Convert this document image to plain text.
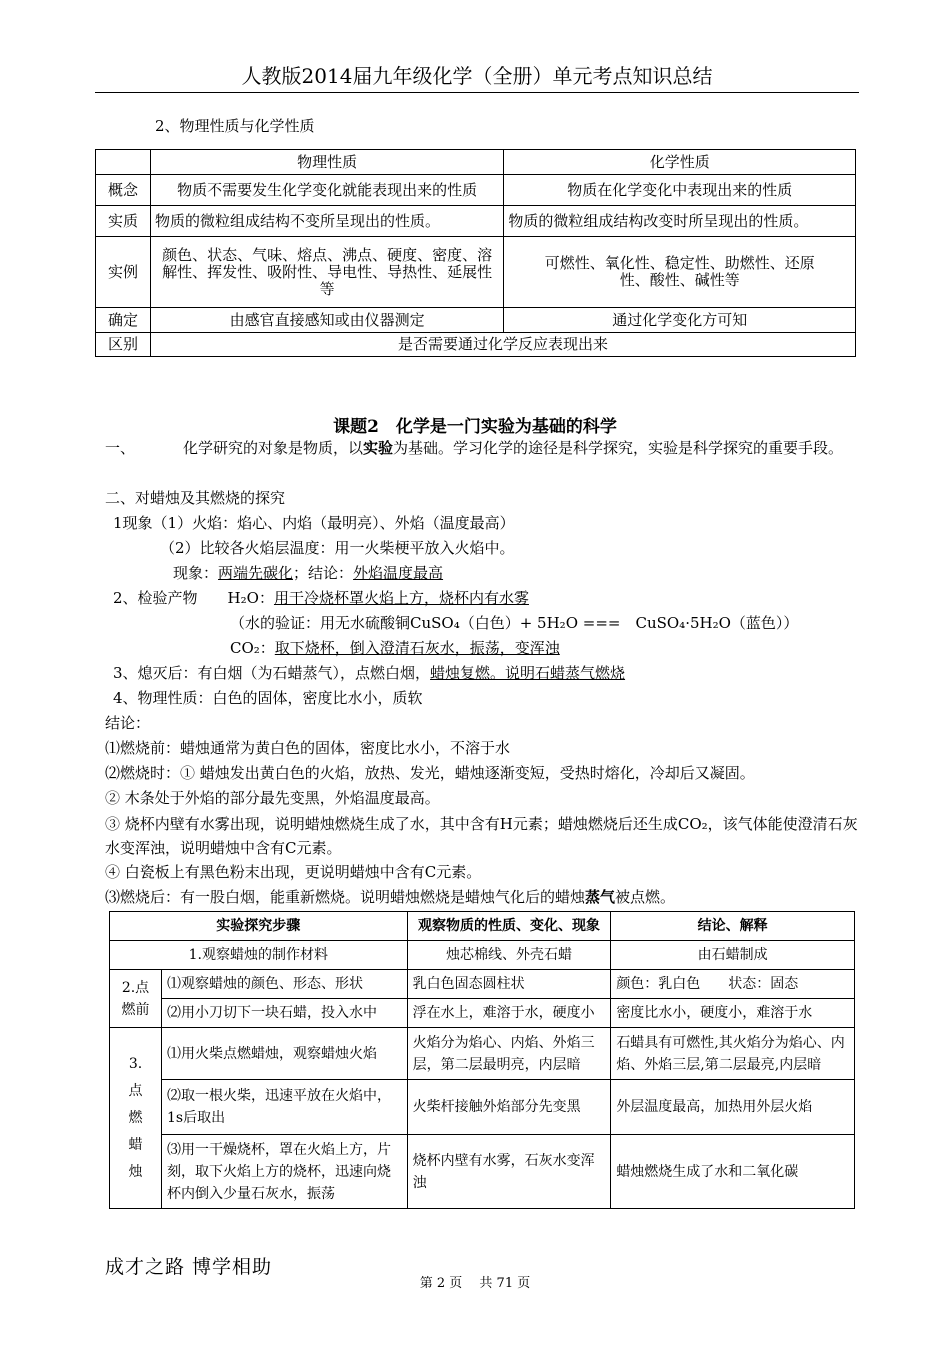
人教版2014届九年级化学（全册）单元考点知识总结
2、物理性质与化学性质
	物理性质	化学性质
概念	物质不需要发生化学变化就能表现出来的性质	物质在化学变化中表现出来的性质
实质	物质的微粒组成结构不变所呈现出的性质。	物质的微粒组成结构改变时所呈现出的性质。
实例	颜色、状态、气味、熔点、沸点、硬度、密度、溶解性、挥发性、吸附性、导电性、导热性、延展性等	可燃性、氧化性、稳定性、助燃性、还原性、酸性、碱性等
确定	由感官直接感知或由仪器测定	通过化学变化方可知
区别	是否需要通过化学反应表现出来	
课题2　化学是一门实验为基础的科学
一、	化学研究的对象是物质，以实验为基础。学习化学的途径是科学探究，实验是科学探究的重要手段。
二、对蜡烛及其燃烧的探究
1现象（1）火焰：焰心、内焰（最明亮）、外焰（温度最高）
（2）比较各火焰层温度：用一火柴梗平放入火焰中。
现象：两端先碳化；结论：外焰温度最高
2、检验产物 H₂O：用干冷烧杯罩火焰上方，烧杯内有水雾
（水的验证：用无水硫酸铜CuSO₄（白色）+ 5H₂O ===　CuSO₄·5H₂O（蓝色））
CO₂：取下烧杯，倒入澄清石灰水，振荡，变浑浊
3、熄灭后：有白烟（为石蜡蒸气），点燃白烟，蜡烛复燃。说明石蜡蒸气燃烧
4、物理性质：白色的固体，密度比水小，质软
结论：
⑴燃烧前：蜡烛通常为黄白色的固体，密度比水小，不溶于水
⑵燃烧时：① 蜡烛发出黄白色的火焰，放热、发光，蜡烛逐渐变短，受热时熔化，冷却后又凝固。
② 木条处于外焰的部分最先变黑，外焰温度最高。
③ 烧杯内壁有水雾出现，说明蜡烛燃烧生成了水，其中含有H元素；蜡烛燃烧后还生成CO₂，该气体能使澄清石灰水变浑浊，说明蜡烛中含有C元素。
④ 白瓷板上有黑色粉末出现，更说明蜡烛中含有C元素。
⑶燃烧后：有一股白烟，能重新燃烧。说明蜡烛燃烧是蜡烛气化后的蜡烛蒸气被点燃。
实验探究步骤		观察物质的性质、变化、现象	结论、解释
1.观察蜡烛的制作材料		烛芯棉线、外壳石蜡	由石蜡制成
2.点燃前	⑴观察蜡烛的颜色、形态、形状	乳白色固态圆柱状	颜色：乳白色　　状态：固态
	⑵用小刀切下一块石蜡，投入水中	浮在水上，难溶于水，硬度小	密度比水小，硬度小，难溶于水
3.点燃蜡烛	⑴用火柴点燃蜡烛，观察蜡烛火焰	火焰分为焰心、内焰、外焰三层，第二层最明亮，内层暗	石蜡具有可燃性,其火焰分为焰心、内焰、外焰三层,第二层最亮,内层暗
	⑵取一根火柴，迅速平放在火焰中，1s后取出	火柴杆接触外焰部分先变黑	外层温度最高，加热用外层火焰
	⑶用一干燥烧杯，罩在火焰上方，片刻，取下火焰上方的烧杯，迅速向烧杯内倒入少量石灰水，振荡	烧杯内壁有水雾，石灰水变浑浊	蜡烛燃烧生成了水和二氧化碳
成才之路 博学相助
第 2 页　 共 71 页
